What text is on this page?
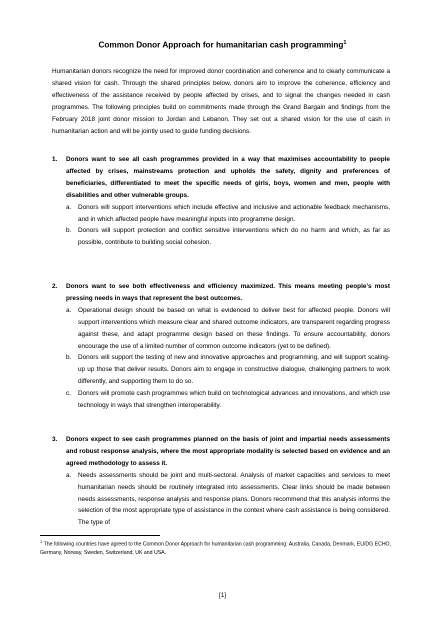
Common Donor Approach for humanitarian cash programming$^1$
Humanitarian donors recognize the need for improved donor coordination and coherence and to clearly communicate a shared vision for cash. Through the shared principles below, donors aim to improve the coherence, efficiency and effectiveness of the assistance received by people affected by crises, and to signal the changes needed in cash programmes. The following principles build on commitments made through the Grand Bargain and findings from the February 2018 joint donor mission to Jordan and Lebanon. They set out a shared vision for the use of cash in humanitarian action and will be jointly used to guide funding decisions.
1. Donors want to see all cash programmes provided in a way that maximises accountability to people affected by crises, mainstreams protection and upholds the safety, dignity and preferences of beneficiaries, differentiated to meet the specific needs of girls, boys, women and men, people with disabilities and other vulnerable groups.
a. Donors will support interventions which include effective and inclusive and actionable feedback mechanisms, and in which affected people have meaningful inputs into programme design.
b. Donors will support protection and conflict sensitive interventions which do no harm and which, as far as possible, contribute to building social cohesion.
2. Donors want to see both effectiveness and efficiency maximized. This means meeting people’s most pressing needs in ways that represent the best outcomes.
a. Operational design should be based on what is evidenced to deliver best for affected people. Donors will support interventions which measure clear and shared outcome indicators, are transparent regarding progress against these, and adapt programme design based on these findings. To ensure accountability, donors encourage the use of a limited number of common outcome indicators (yet to be defined).
b. Donors will support the testing of new and innovative approaches and programming, and will support scaling-up up those that deliver results. Donors aim to engage in constructive dialogue, challenging partners to work differently, and supporting them to do so.
c. Donors will promote cash programmes which build on technological advances and innovations, and which use technology in ways that strengthen interoperability.
3. Donors expect to see cash programmes planned on the basis of joint and impartial needs assessments and robust response analysis, where the most appropriate modality is selected based on evidence and an agreed methodology to assess it.
a. Needs assessments should be joint and multi-sectoral. Analysis of market capacities and services to meet humanitarian needs should be routinely integrated into assessments. Clear links should be made between needs assessments, response analysis and response plans. Donors recommend that this analysis informs the selection of the most appropriate type of assistance in the context where cash assistance is being considered. The type of
$^1$ The following countries have agreed to the Common Donor Approach for humanitarian cash programming: Australia, Canada, Denmark, EU/DG ECHO, Germany, Norway, Sweden, Switzerland, UK and USA.
[1]
